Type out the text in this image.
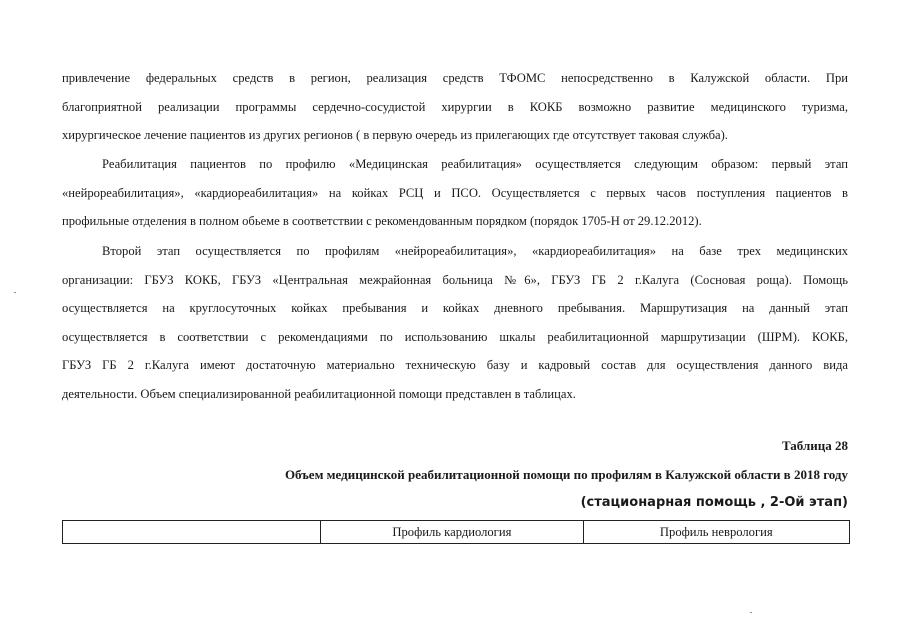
привлечение федеральных средств в регион, реализация средств ТФОМС непосредственно в Калужской области. При
благоприятной реализации программы сердечно-сосудистой хирургии в КОКБ возможно развитие медицинского туризма,
хирургическое лечение пациентов из других регионов ( в первую очередь из прилегающих где отсутствует таковая служба).
Реабилитация пациентов по профилю «Медицинская реабилитация» осуществляется следующим образом: первый этап
«нейрореабилитация», «кардиореабилитация» на койках РСЦ и ПСО. Осуществляется с первых часов поступления пациентов в
профильные отделения в полном обьеме в соответствии с рекомендованным порядком (порядок 1705-Н от 29.12.2012).
Второй этап осуществляется по профилям «нейрореабилитация», «кардиореабилитация» на базе трех медицинских
организации: ГБУЗ КОКБ, ГБУЗ «Центральная межрайонная больница №6», ГБУЗ ГБ 2 г.Калуга (Сосновая роща). Помощь
осуществляется на круглосуточных койках пребывания и койках дневного пребывания. Маршрутизация на данный этап
осуществляется в соответствии с рекомендациями по использованию шкалы реабилитационной маршрутизации (ШРМ). КОКБ,
ГБУЗ ГБ 2 г.Калуга имеют достаточную материально техническую базу и кадровый состав для осуществления данного вида
деятельности. Объем специализированной реабилитационной помощи представлен в таблицах.
Таблица 28
Объем медицинской реабилитационной помощи по профилям в Калужской области в 2018 году
(стационарная помощь , 2-Ой этап)
	Профиль кардиология	Профиль неврология
